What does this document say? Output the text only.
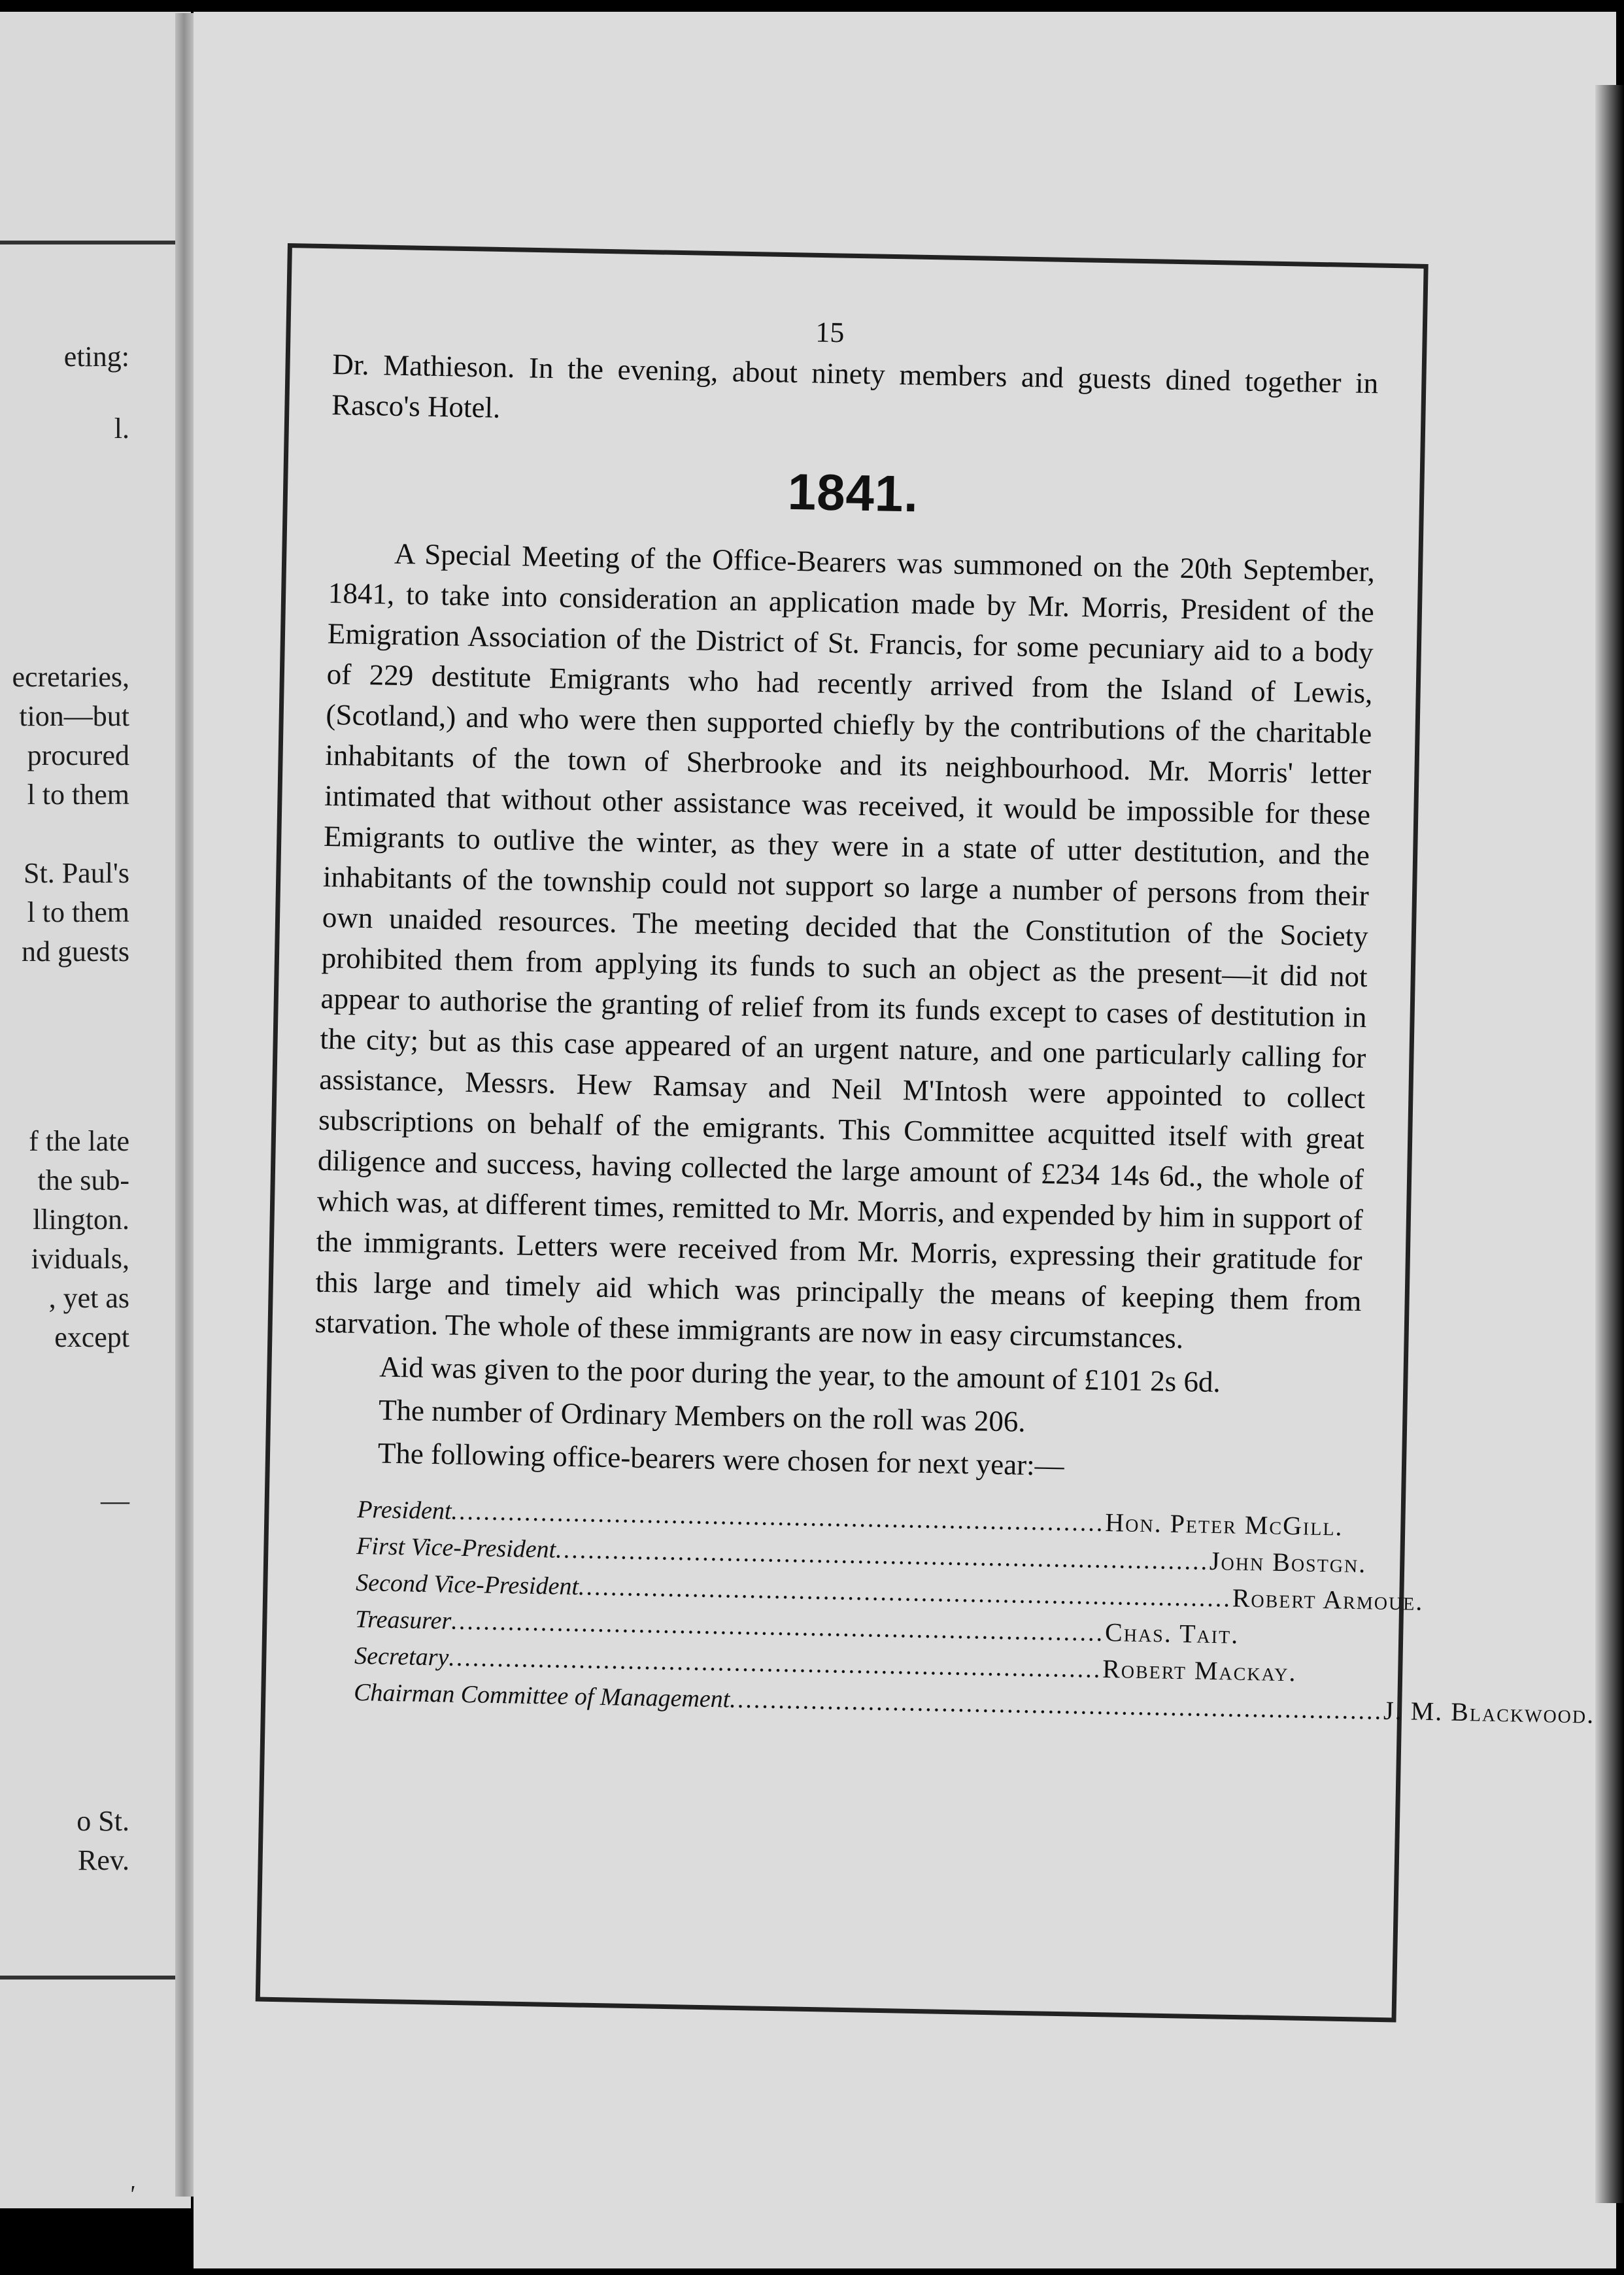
eting:
l.
ecretaries,
tion—but
procured
l to them
St. Paul's
l to them
nd guests
f the late
the sub-
llington.
ividuals,
, yet as
except
—
o St.
Rev.
15

Dr. Mathieson. In the evening, about ninety members and guests dined together in Rasco's Hotel.

1841.

A Special Meeting of the Office-Bearers was summoned on the 20th September, 1841, to take into consideration an application made by Mr. Morris, President of the Emigration Association of the District of St. Francis, for some pecuniary aid to a body of 229 destitute Emigrants who had recently arrived from the Island of Lewis, (Scotland,) and who were then supported chiefly by the contributions of the charitable inhabitants of the town of Sherbrooke and its neighbourhood. Mr. Morris' letter intimated that without other assistance was received, it would be impossible for these Emigrants to outlive the winter, as they were in a state of utter destitution, and the inhabitants of the township could not support so large a number of persons from their own unaided resources. The meeting decided that the Constitution of the Society prohibited them from applying its funds to such an object as the present—it did not appear to authorise the granting of relief from its funds except to cases of destitution in the city; but as this case appeared of an urgent nature, and one particularly calling for assistance, Messrs. Hew Ramsay and Neil M'Intosh were appointed to collect subscriptions on behalf of the emigrants. This Committee acquitted itself with great diligence and success, having collected the large amount of £234 14s 6d., the whole of which was, at different times, remitted to Mr. Morris, and expended by him in support of the immigrants. Letters were received from Mr. Morris, expressing their gratitude for this large and timely aid which was principally the means of keeping them from starvation. The whole of these immigrants are now in easy circumstances.

Aid was given to the poor during the year, to the amount of £101 2s 6d.

The number of Ordinary Members on the roll was 206.

The following office-bearers were chosen for next year:—

President................................................................................ Hon. Peter McGill.
First Vice-President................................................................................ John Bostgn.
Second Vice-President................................................................................ Robert Armoue.
Treasurer................................................................................ Chas. Tait.
Secretary................................................................................ Robert Mackay.
Chairman Committee of Management................................................................................ J. M. Blackwood.
'
